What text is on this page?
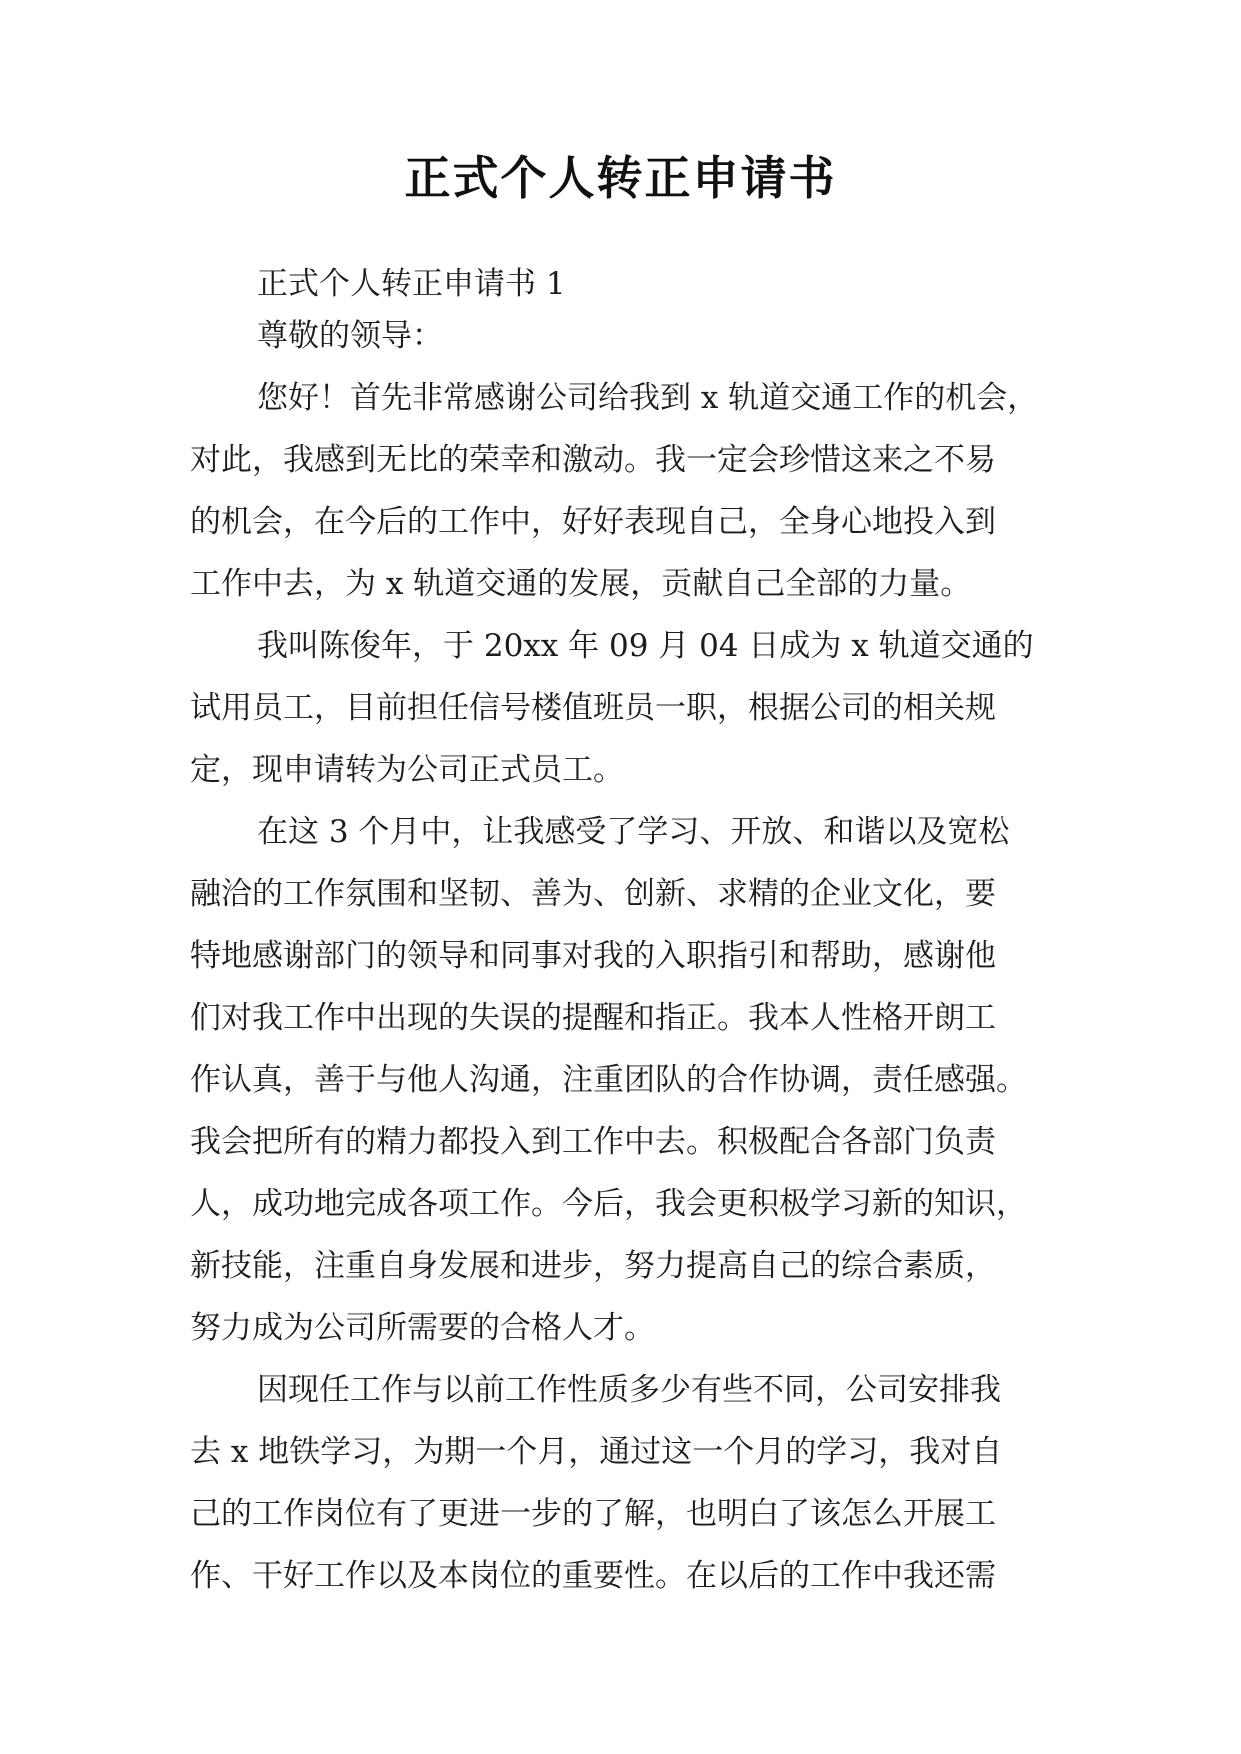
正式个人转正申请书
正式个人转正申请书 1
尊敬的领导：
您好！首先非常感谢公司给我到 x 轨道交通工作的机会，
对此，我感到无比的荣幸和激动。我一定会珍惜这来之不易
的机会，在今后的工作中，好好表现自己，全身心地投入到
工作中去，为 x 轨道交通的发展，贡献自己全部的力量。
我叫陈俊年，于 20xx 年 09 月 04 日成为 x 轨道交通的
试用员工，目前担任信号楼值班员一职，根据公司的相关规
定，现申请转为公司正式员工。
在这 3 个月中，让我感受了学习、开放、和谐以及宽松
融洽的工作氛围和坚韧、善为、创新、求精的企业文化，要
特地感谢部门的领导和同事对我的入职指引和帮助，感谢他
们对我工作中出现的失误的提醒和指正。我本人性格开朗工
作认真，善于与他人沟通，注重团队的合作协调，责任感强。
我会把所有的精力都投入到工作中去。积极配合各部门负责
人，成功地完成各项工作。今后，我会更积极学习新的知识，
新技能，注重自身发展和进步，努力提高自己的综合素质，
努力成为公司所需要的合格人才。
因现任工作与以前工作性质多少有些不同，公司安排我
去 x 地铁学习，为期一个月，通过这一个月的学习，我对自
己的工作岗位有了更进一步的了解，也明白了该怎么开展工
作、干好工作以及本岗位的重要性。在以后的工作中我还需
